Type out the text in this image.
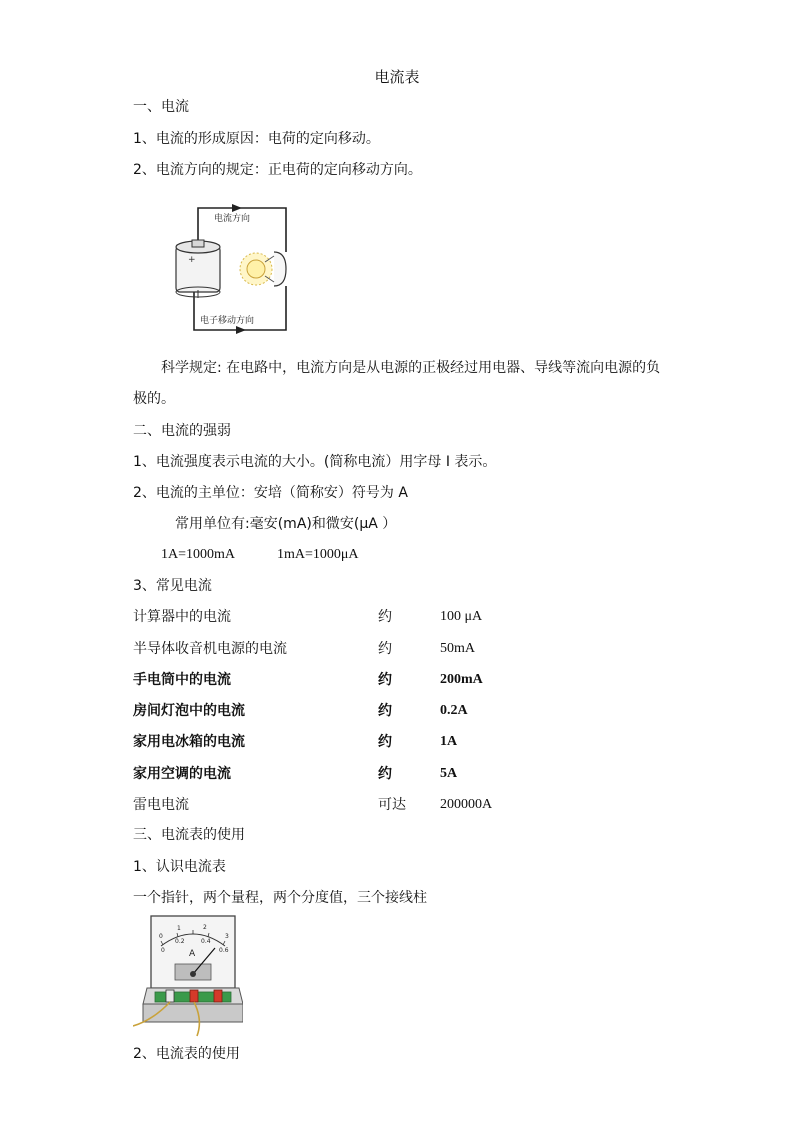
电流表
一、电流
1、电流的形成原因：电荷的定向移动。
2、电流方向的规定：正电荷的定向移动方向。
电流方向
电子移动方向
+
科学规定: 在电路中，电流方向是从电源的正极经过用电器、导线等流向电源的负
极的。
二、电流的强弱
1、电流强度表示电流的大小。(简称电流）用字母 I 表示。
2、电流的主单位：安培（简称安）符号为 A
常用单位有:毫安(mA)和微安(μA ）
1A=1000mA	1mA=1000μA
3、常见电流
计算器中的电流	约	100 μA
半导体收音机电源的电流	约	50mA
手电筒中的电流	约	200mA
房间灯泡中的电流	约	0.2A
家用电冰箱的电流	约	1A
家用空调的电流	约	5A
雷电电流	可达 200000A
三、电流表的使用
1、认识电流表
一个指针，两个量程，两个分度值，三个接线柱
0
1	2
3
0
0.2	0.4
0.6
A
2、电流表的使用
